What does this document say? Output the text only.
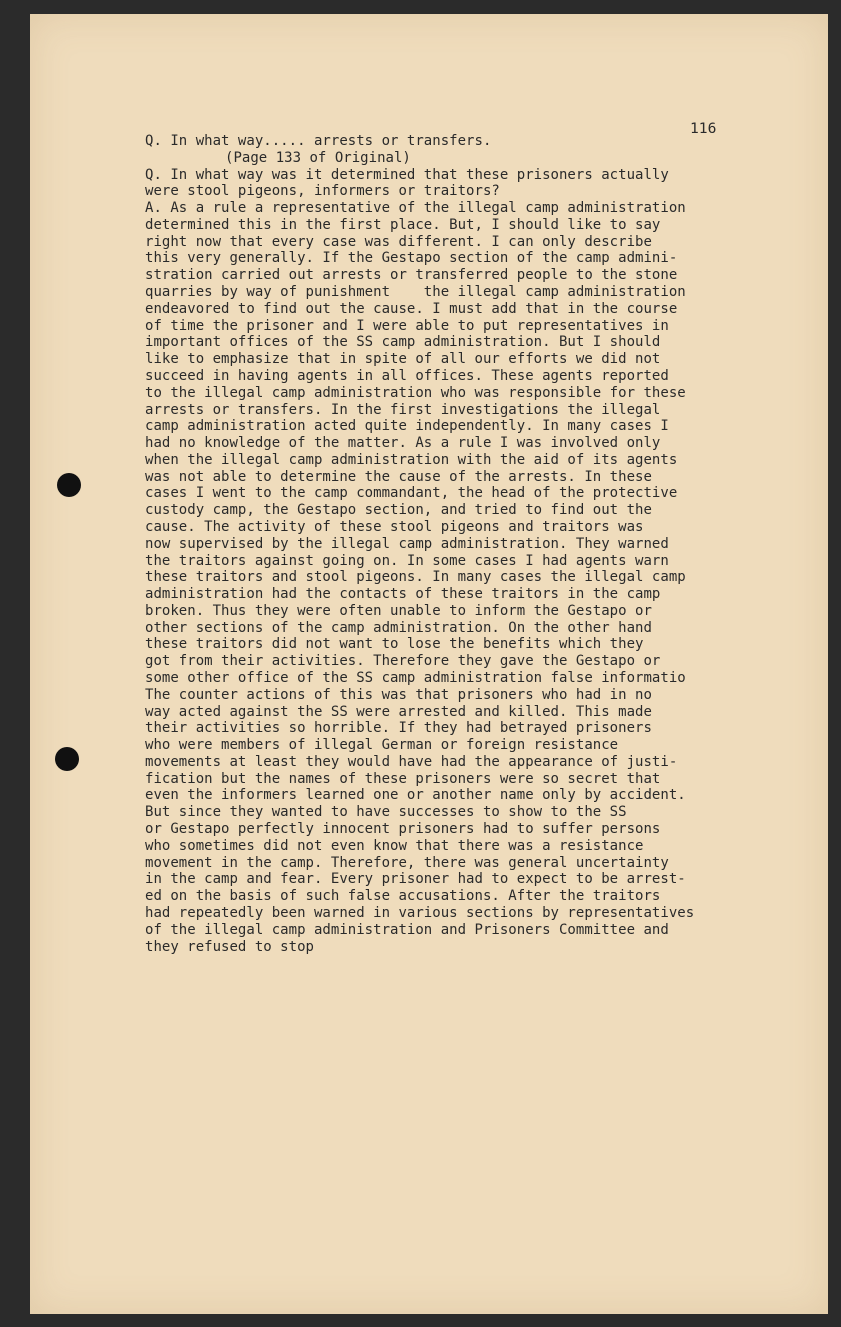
116
Q. In what way..... arrests or transfers.
(Page 133 of Original)
Q. In what way was it determined that these prisoners actually
were stool pigeons, informers or traitors?
A. As a rule a representative of the illegal camp administration
determined this in the first place. But, I should like to say
right now that every case was different. I can only describe
this very generally. If the Gestapo section of the camp admini-
stration carried out arrests or transferred people to the stone
quarries by way of punishment    the illegal camp administration
endeavored to find out the cause. I must add that in the course
of time the prisoner and I were able to put representatives in
important offices of the SS camp administration. But I should
like to emphasize that in spite of all our efforts we did not
succeed in having agents in all offices. These agents reported
to the illegal camp administration who was responsible for these
arrests or transfers. In the first investigations the illegal
camp administration acted quite independently. In many cases I
had no knowledge of the matter. As a rule I was involved only
when the illegal camp administration with the aid of its agents
was not able to determine the cause of the arrests. In these
cases I went to the camp commandant, the head of the protective
custody camp, the Gestapo section, and tried to find out the
cause. The activity of these stool pigeons and traitors was
now supervised by the illegal camp administration. They warned
the traitors against going on. In some cases I had agents warn
these traitors and stool pigeons. In many cases the illegal camp
administration had the contacts of these traitors in the camp
broken. Thus they were often unable to inform the Gestapo or
other sections of the camp administration. On the other hand
these traitors did not want to lose the benefits which they
got from their activities. Therefore they gave the Gestapo or
some other office of the SS camp administration false informatio
The counter actions of this was that prisoners who had in no
way acted against the SS were arrested and killed. This made
their activities so horrible. If they had betrayed prisoners
who were members of illegal German or foreign resistance
movements at least they would have had the appearance of justi-
fication but the names of these prisoners were so secret that
even the informers learned one or another name only by accident.
But since they wanted to have successes to show to the SS
or Gestapo perfectly innocent prisoners had to suffer persons
who sometimes did not even know that there was a resistance
movement in the camp. Therefore, there was general uncertainty
in the camp and fear. Every prisoner had to expect to be arrest-
ed on the basis of such false accusations. After the traitors
had repeatedly been warned in various sections by representatives
of the illegal camp administration and Prisoners Committee and
they refused to stop
